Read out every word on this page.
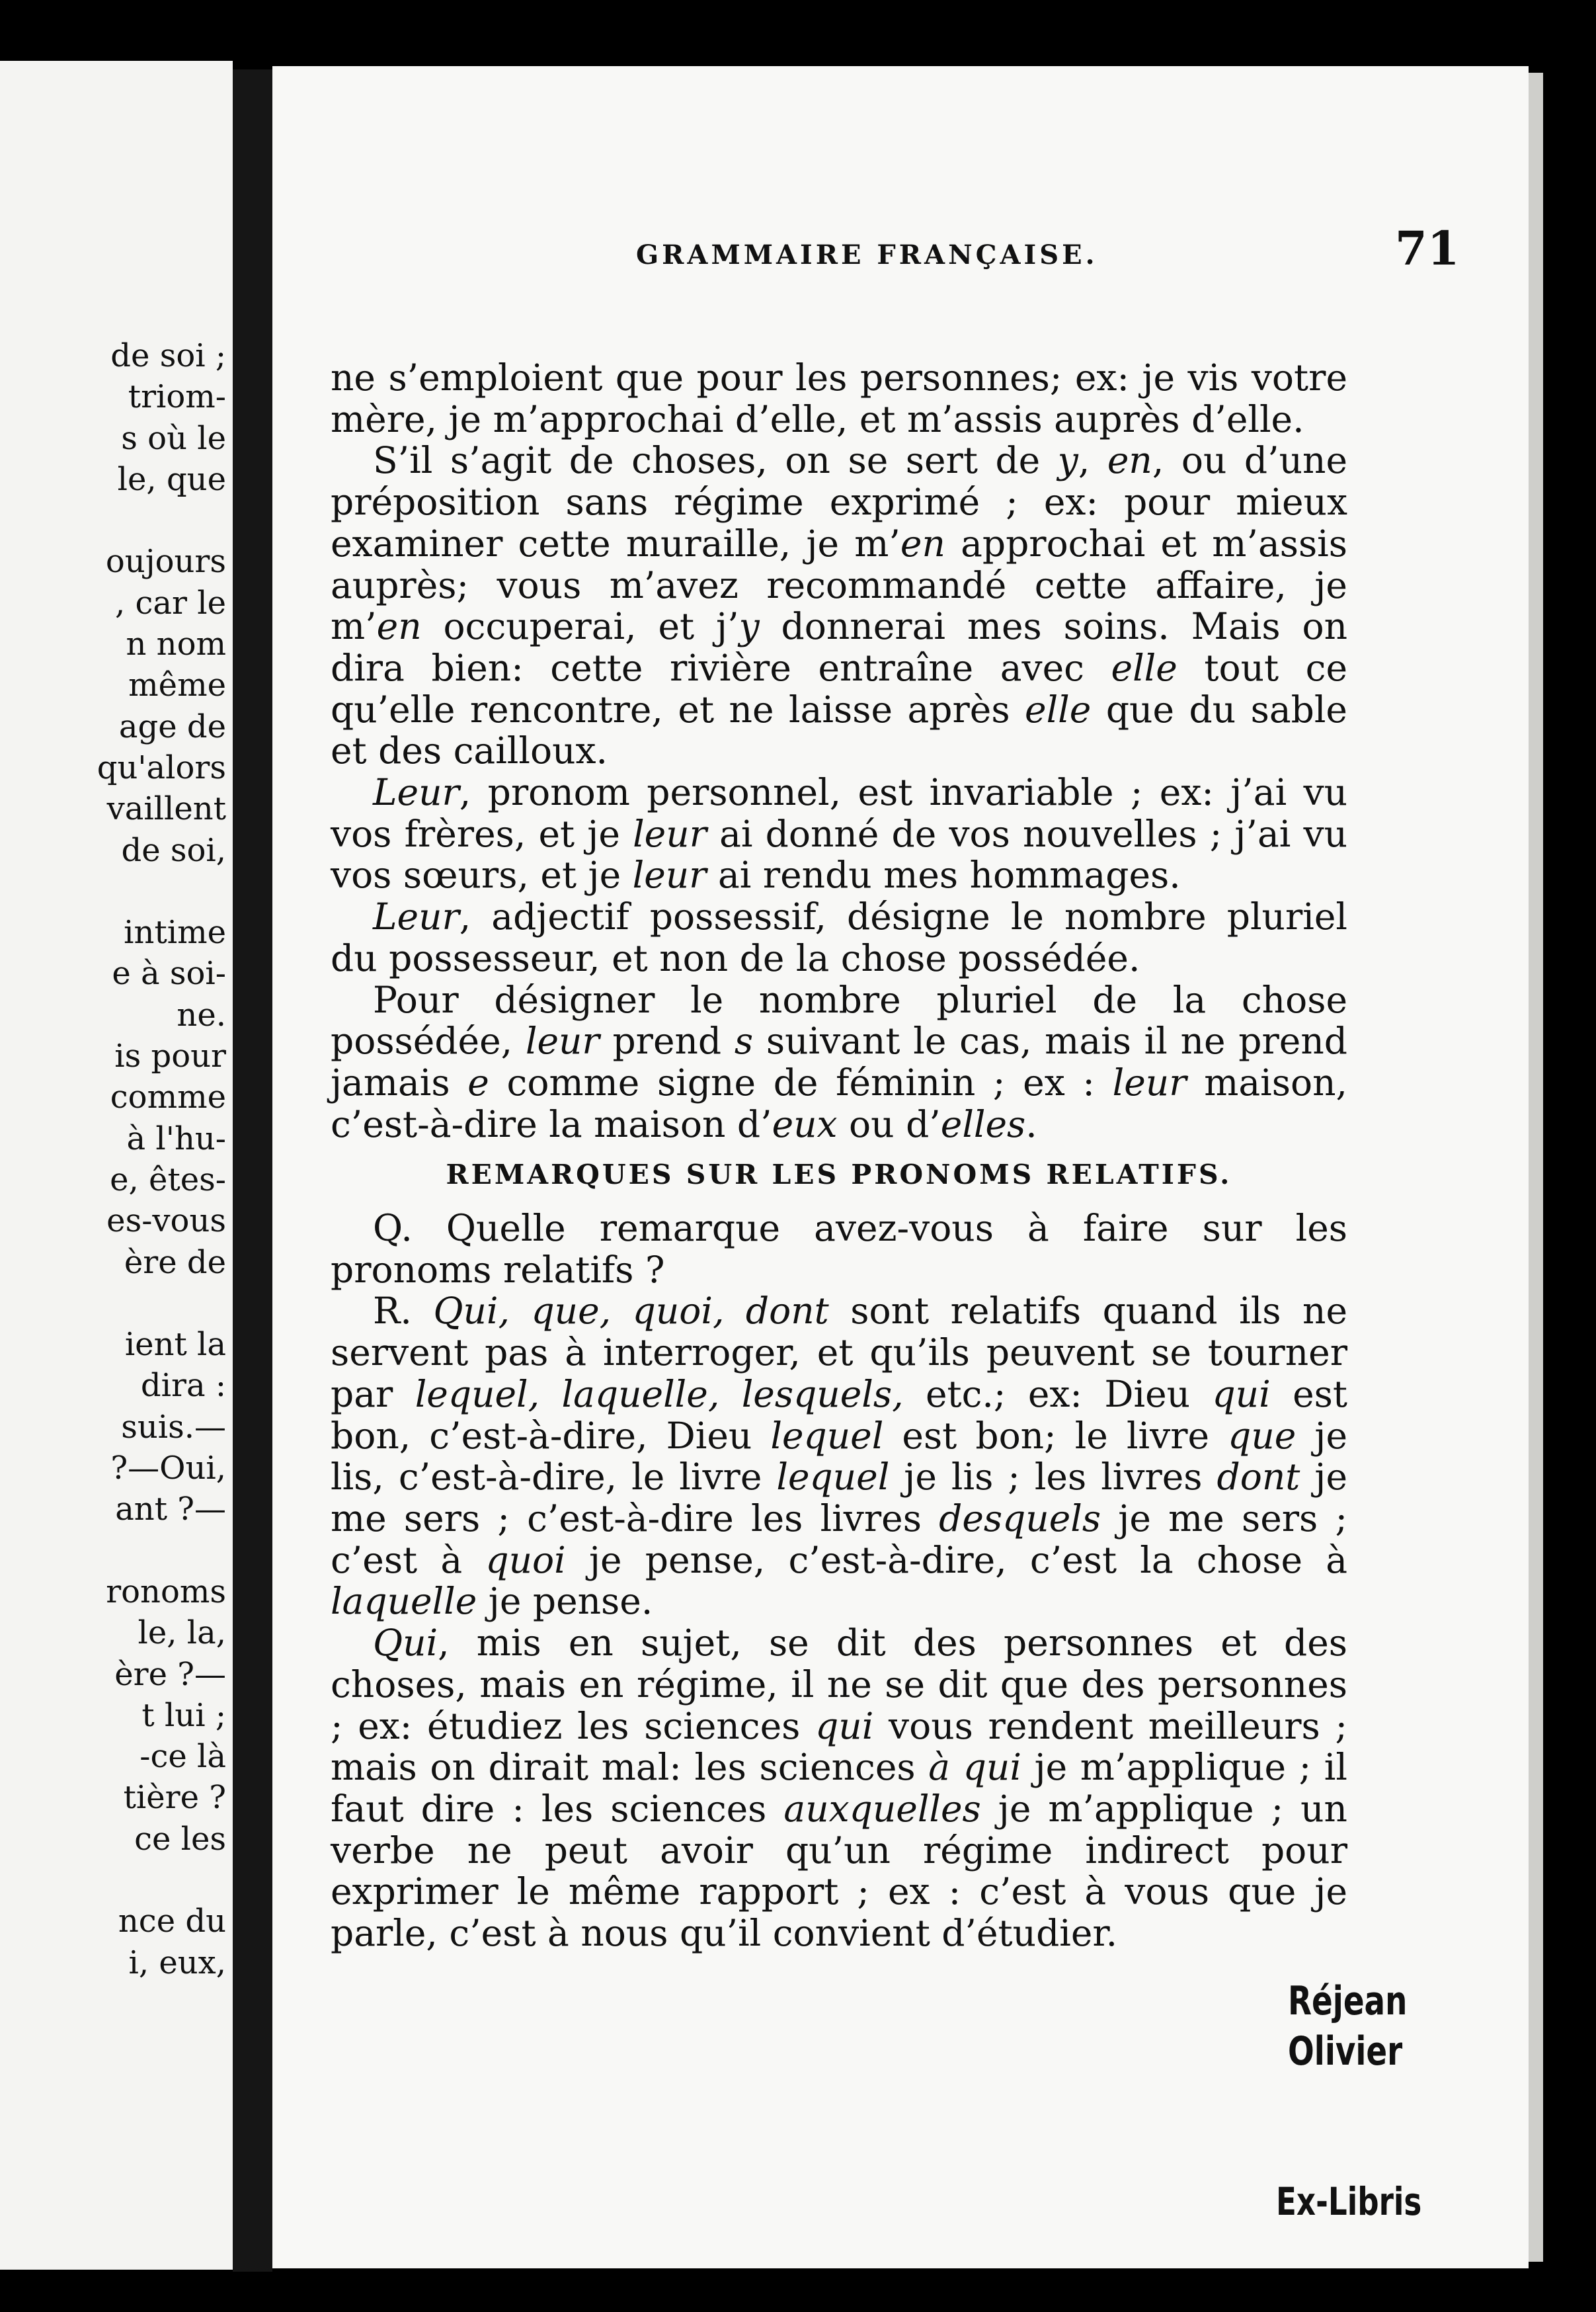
de soi ;
triom-
s où le
le, que

oujours
, car le
n nom
même
age de
qu'alors
vaillent
de soi,

intime
e à soi-
ne.
is pour
comme
à l'hu-
e, êtes-
es-vous
ère de

ient la
dira :
suis.—
?—Oui,
ant ?—

ronoms
le, la,
ère ?—
t lui ;
-ce là
tière ?
ce les

nce du
i, eux,
GRAMMAIRE FRANÇAISE.	71

ne s’emploient que pour les personnes; ex: je vis votre mère, je m’approchai d’elle, et m’assis auprès d’elle.

S’il s’agit de choses, on se sert de y, en, ou d’une préposition sans régime exprimé ; ex: pour mieux examiner cette muraille, je m’en approchai et m’assis auprès; vous m’avez recommandé cette affaire, je m’en occuperai, et j’y donnerai mes soins. Mais on dira bien: cette rivière entraîne avec elle tout ce qu’elle rencontre, et ne laisse après elle que du sable et des cailloux.

Leur, pronom personnel, est invariable ; ex: j’ai vu vos frères, et je leur ai donné de vos nouvelles ; j’ai vu vos sœurs, et je leur ai rendu mes hommages.

Leur, adjectif possessif, désigne le nombre pluriel du possesseur, et non de la chose possédée.

Pour désigner le nombre pluriel de la chose possédée, leur prend s suivant le cas, mais il ne prend jamais e comme signe de féminin ; ex : leur maison, c’est-à-dire la maison d’eux ou d’elles.

REMARQUES SUR LES PRONOMS RELATIFS.

Q. Quelle remarque avez-vous à faire sur les pronoms relatifs ?

R. Qui, que, quoi, dont sont relatifs quand ils ne servent pas à interroger, et qu’ils peuvent se tourner par lequel, laquelle, lesquels, etc.; ex: Dieu qui est bon, c’est-à-dire, Dieu lequel est bon; le livre que je lis, c’est-à-dire, le livre lequel je lis ; les livres dont je me sers ; c’est-à-dire les livres desquels je me sers ; c’est à quoi je pense, c’est-à-dire, c’est la chose à laquelle je pense.

Qui, mis en sujet, se dit des personnes et des choses, mais en régime, il ne se dit que des personnes ; ex: étudiez les sciences qui vous rendent meilleurs ; mais on dirait mal: les sciences à qui je m’applique ; il faut dire : les sciences auxquelles je m’applique ; un verbe ne peut avoir qu’un régime indirect pour exprimer le même rapport ; ex : c’est à vous que je parle, c’est à nous qu’il convient d’étudier.

Réjean
Olivier
Ex-Libris
